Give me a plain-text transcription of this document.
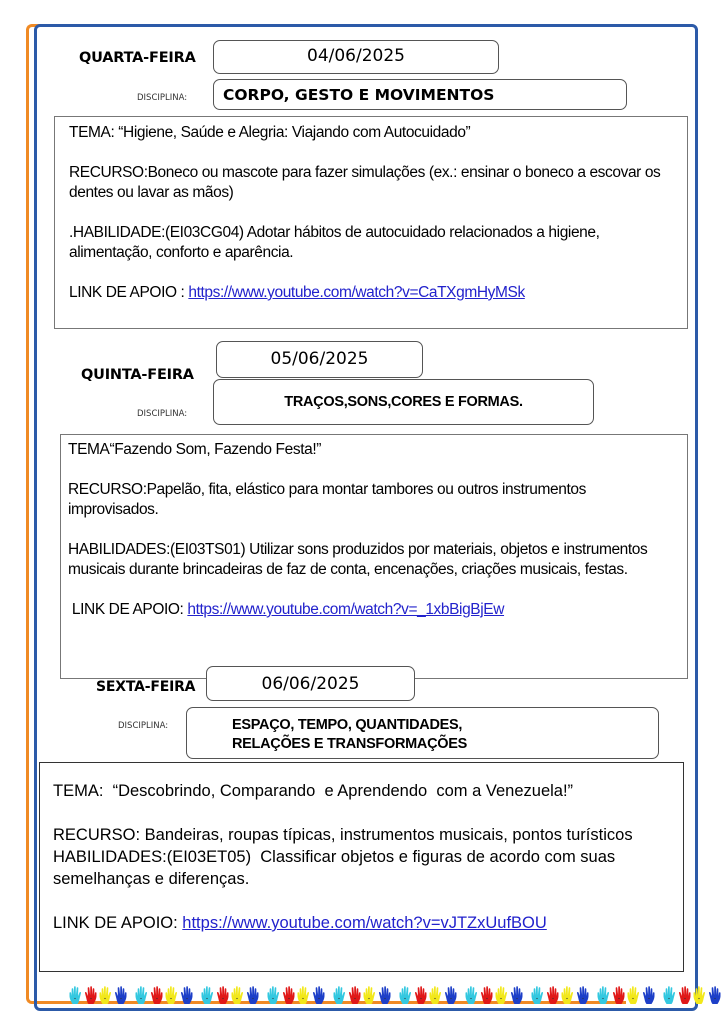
QUARTA-FEIRA	04/06/2025
DISCIPLINA:	CORPO, GESTO E MOVIMENTOS

TEMA: “Higiene, Saúde e Alegria: Viajando com Autocuidado”

RECURSO:Boneco ou mascote para fazer simulações (ex.: ensinar o boneco a escovar os dentes ou lavar as mãos)

.HABILIDADE:(EI03CG04) Adotar hábitos de autocuidado relacionados a higiene, alimentação, conforto e aparência.

LINK DE APOIO : https://www.youtube.com/watch?v=CaTXgmHyMSk

05/06/2025
QUINTA-FEIRA
DISCIPLINA:
TRAÇOS,SONS,CORES E FORMAS.

TEMA“Fazendo Som, Fazendo Festa!”

RECURSO:Papelão, fita, elástico para montar tambores ou outros instrumentos improvisados.

HABILIDADES:(EI03TS01) Utilizar sons produzidos por materiais, objetos e instrumentos musicais durante brincadeiras de faz de conta, encenações, criações musicais, festas.

LINK DE APOIO: https://www.youtube.com/watch?v=_1xbBigBjEw

06/06/2025
SEXTA-FEIRA
DISCIPLINA:	ESPAÇO, TEMPO, QUANTIDADES,
RELAÇÕES E TRANSFORMAÇÕES

TEMA:  “Descobrindo, Comparando  e Aprendendo  com a Venezuela!”

RECURSO: Bandeiras, roupas típicas, instrumentos musicais, pontos turísticos

HABILIDADES:(EI03ET05)  Classificar objetos e figuras de acordo com suas semelhanças e diferenças.

LINK DE APOIO: https://www.youtube.com/watch?v=vJTZxUufBOU
